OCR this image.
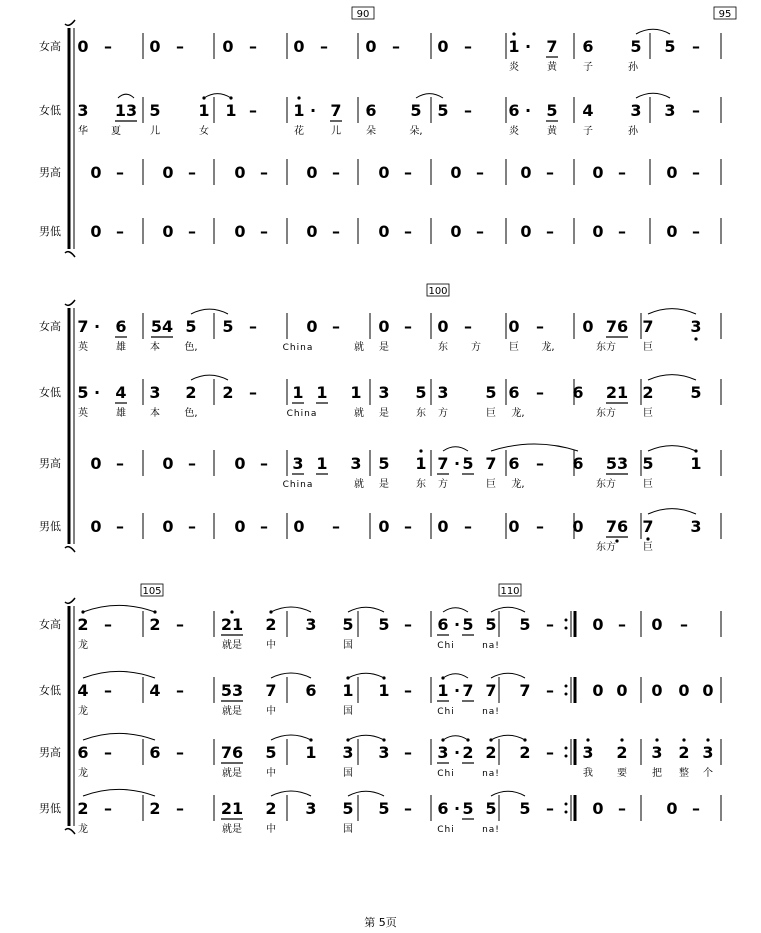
90	95
女高 0 – 0 – 0 – 0 – 0 – 0 – 1 · 7 6 5 5 –
炎	黄	子	孙
女低 3 13 5 1 1 – 1 · 7 6 5 5 – 6 · 5 4 3 3 –
华 夏	儿	女	花	儿	朵	朵,	炎	黄	子	孙
男高 0 – 0 – 0 – 0 – 0 – 0 – 0 – 0 –	0 –
男低 0 – 0 – 0 – 0 – 0 – 0 – 0 – 0 –	0 –
100
女高 7 · 6 54 5 5 –	0 – 0 – 0 – 0 – 0 76 7 3
英	雄 本 色,	China	就 是	东 方	巨 龙,	东方	巨
女低 5 · 4 3 2 2 – 1 1 1 3 5 3 5 6 – 6 21 2 5
英	雄 本 色,	China	就 是	东 方	巨 龙,	东方	巨
男高 0 – 0 – 0 – 3 1 3 5 1 7 · 5 7 6 – 6 53 5 1
China	就 是	东 方	巨 龙,	东方	巨
男低 0 – 0 – 0 – 0 – 0 – 0 – 0 – 0 76 7 3
东方	巨
105	110
女高 2 – 2 – 21 2 3 5 5 – 6 · 5 5 5 – 0 – 0 –
龙	就是 中	国	Chi	na!
女低 4 – 4 – 53 7 6 1 1 – 1 · 7 7 7 – 0 0 0 0 0
龙	就是 中	国	Chi	na!
男高 6 – 6 – 76 5 1 3 3 – 3 · 2 2 2 – 3 2 3 2 3
龙	就是 中	国	Chi	na!	我 要	把 整 个
男低 2 – 2 – 21 2 3 5 5 – 6 · 5 5 5 – 0 –	0 –
龙	就是 中	国	Chi	na!
第 5页
